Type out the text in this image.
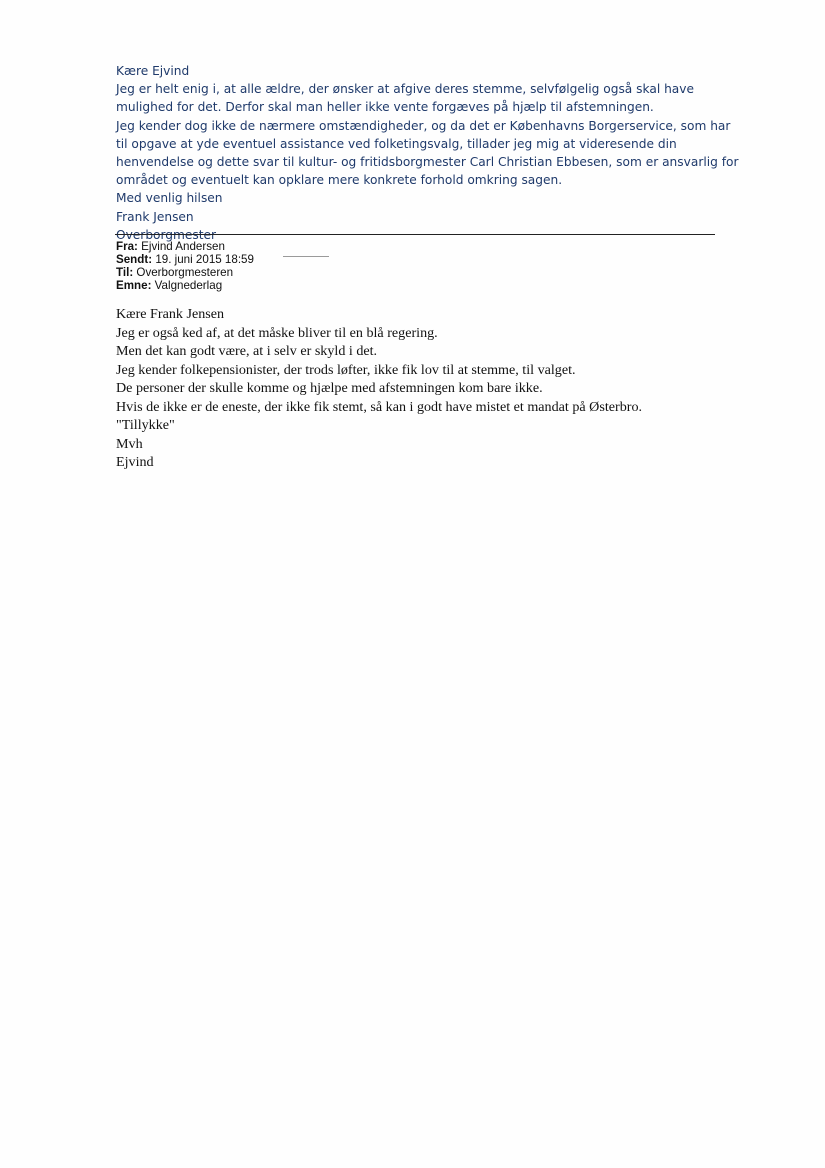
Kære Ejvind

Jeg er helt enig i, at alle ældre, der ønsker at afgive deres stemme, selvfølgelig også skal have

mulighed for det. Derfor skal man heller ikke vente forgæves på hjælp til afstemningen.

Jeg kender dog ikke de nærmere omstændigheder, og da det er Københavns Borgerservice, som har

til opgave at yde eventuel assistance ved folketingsvalg, tillader jeg mig at videresende din

henvendelse og dette svar til kultur- og fritidsborgmester Carl Christian Ebbesen, som er ansvarlig for

området og eventuelt kan opklare mere konkrete forhold omkring sagen.

Med venlig hilsen

Frank Jensen

Overborgmester

Fra: Ejvind Andersen
Sendt: 19. juni 2015 18:59
Til: Overborgmesteren
Emne: Valgnederlag

Kære Frank Jensen

Jeg er også ked af, at det måske bliver til en blå regering.

Men det kan godt være, at i selv er skyld i det.

Jeg kender folkepensionister, der trods løfter, ikke fik lov til at stemme, til valget.

De personer der skulle komme og hjælpe med afstemningen kom bare ikke.

Hvis de ikke er de eneste, der ikke fik stemt, så kan i godt have mistet et mandat på Østerbro.

"Tillykke"

Mvh

Ejvind
